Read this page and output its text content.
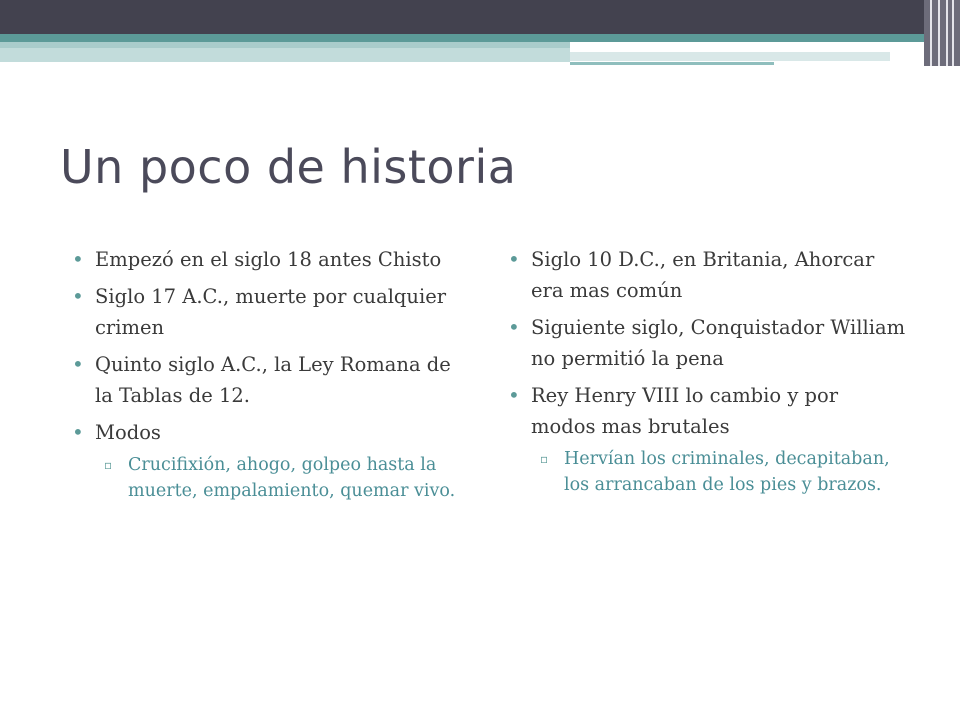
Un poco de historia
• Empezó en el siglo 18 antes Chisto
• Siglo 17 A.C., muerte por cualquier crimen
• Quinto siglo A.C., la Ley Romana de la Tablas de 12.
• Modos
▫ Crucifixión, ahogo, golpeo hasta la muerte, empalamiento, quemar vivo.
• Siglo 10 D.C., en Britania, Ahorcar era mas común
• Siguiente siglo, Conquistador William no permitió la pena
• Rey Henry VIII lo cambio y por modos mas brutales
▫ Hervían los criminales, decapitaban, los arrancaban de los pies y brazos.
